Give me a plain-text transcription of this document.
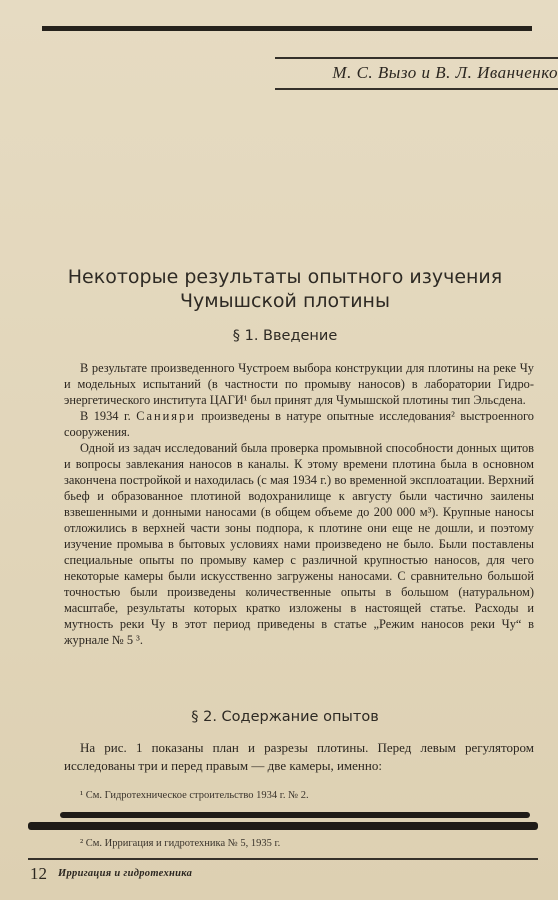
М. С. Вызо и В. Л. Иванченко
Некоторые результаты опытного изучения
Чумышской плотины
§ 1. Введение

В результате произведенного Чустроем выбора конструкции для плотины на реке Чу и модельных испытаний (в частности по промыву наносов) в лаборатории Гидро-энергетического института ЦАГИ¹ был принят для Чумышской плотины тип Эльсдена.

В 1934 г. Санияри произведены в натуре опытные исследования² выстроенного сооружения.

Одной из задач исследований была проверка промывной способности донных щитов и вопросы завлекания наносов в каналы. К этому времени плотина была в основном закончена постройкой и находилась (с мая 1934 г.) во временной эксплоатации. Верхний бьеф и образованное плотиной водохранилище к августу были частично заилены взвешенными и донными наносами (в общем объеме до 200 000 м³). Крупные наносы отложились в верхней части зоны подпора, к плотине они еще не дошли, и поэтому изучение промыва в бытовых условиях нами произведено не было. Были поставлены специальные опыты по промыву камер с различной крупностью наносов, для чего некоторые камеры были искусственно загружены наносами. С сравнительно большой точностью были произведены количественные опыты в большом (натуральном) масштабе, результаты которых кратко изложены в настоящей статье. Расходы и мутность реки Чу в этот период приведены в статье „Режим наносов реки Чу“ в журнале № 5 ³.

§ 2. Содержание опытов

На рис. 1 показаны план и разрезы плотины. Перед левым регулятором исследованы три и перед правым — две камеры, именно:

¹ См. Гидротехническое строительство 1934 г. № 2.
² См. Ирригация и гидротехника № 5, 1935 г.
12 Ирригация и гидротехника
